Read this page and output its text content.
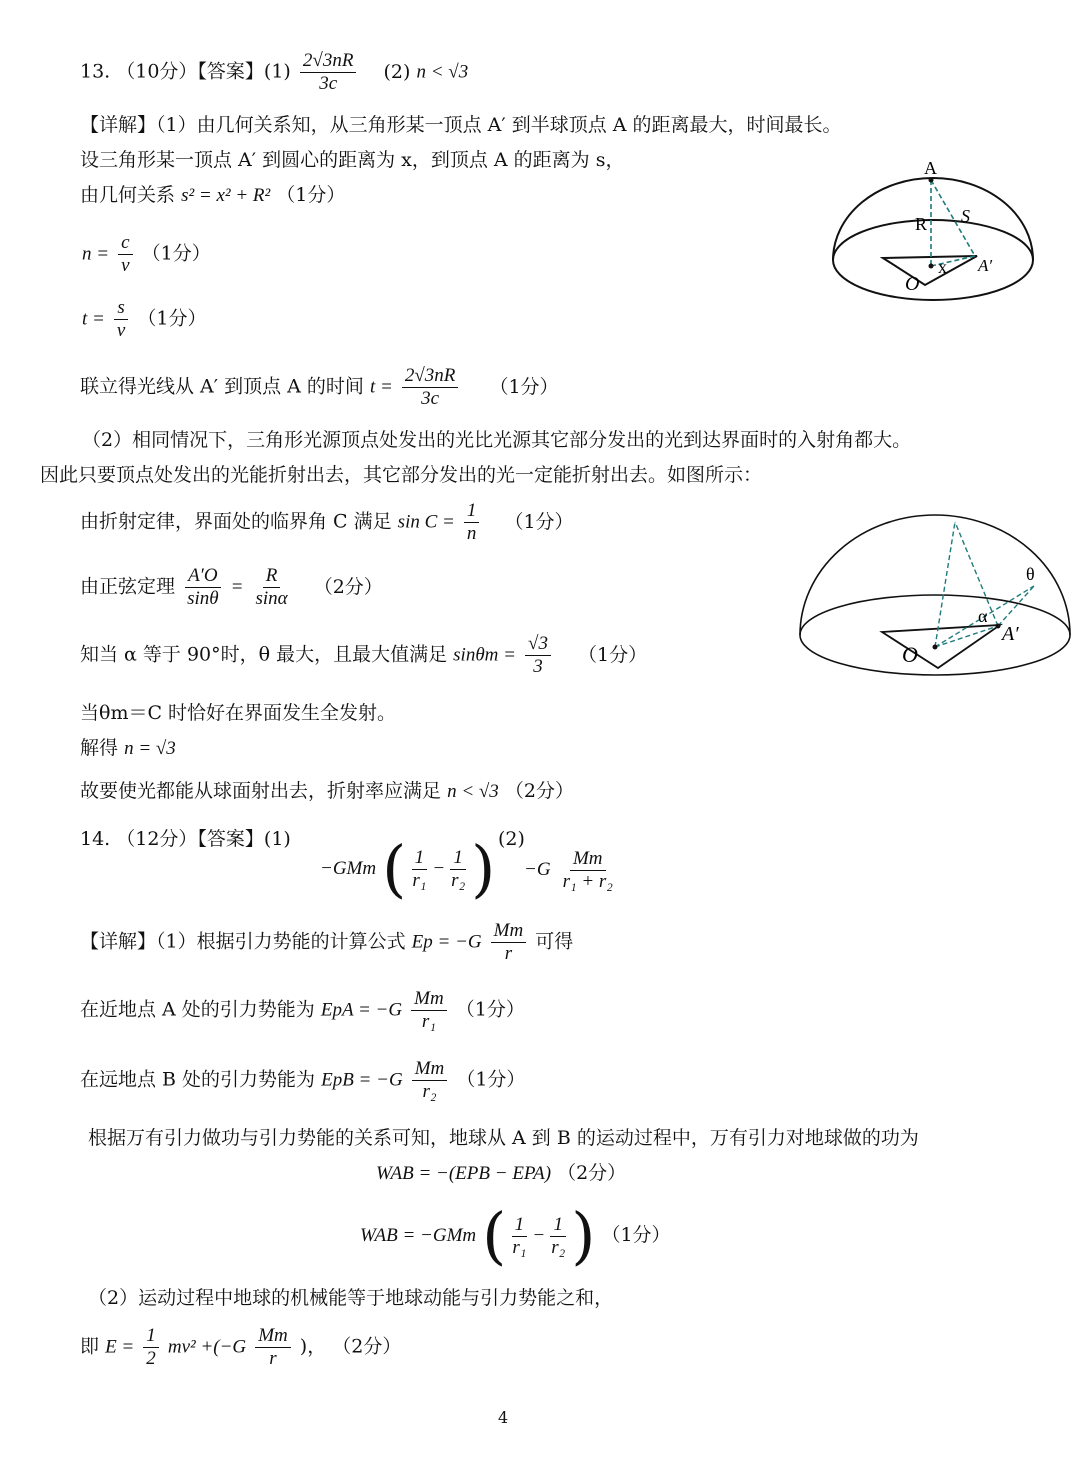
13. （10分）【答案】$(1) \frac{2√3nR}{3c} (2) n < √3$
【详解】（1）由几何关系知，从三角形某一顶点 A′ 到半球顶点 A 的距离最大，时间最长。
设三角形某一顶点 A′ 到圆心的距离为 x，到顶点 A 的距离为 s，
由几何关系 s² = x² + R² （1分）
$n = \frac{c}{v} (1$分）
$t = \frac{s}{v} (1$分）
联立得光线从 A′ 到顶点 A 的时间 $t = \frac{2√3nR}{3c} (1$分）
（2）相同情况下，三角形光源顶点处发出的光比光源其它部分发出的光到达界面时的入射角都大。
因此只要顶点处发出的光能折射出去，其它部分发出的光一定能折射出去。如图所示：
由折射定律，界面处的临界角 C 满足 $\sin C = \frac{1}{n} (1$分）
由正弦定理 $\frac{A'O}{\sin\theta} = \frac{R}{\sin\alpha} (2$分）
知当 α 等于 90°时，θ 最大，且最大值满足 $\sin\theta m = \frac{√3}{3} (1$分）
当θm＝C 时恰好在界面发生全发射。
解得 n = √3
故要使光都能从球面射出去，折射率应满足 n < √3 （2分）
14. （12分）【答案】(1)
−GMm ( $\frac{1}{\text{r₁}} - \frac{1}{\text{r₂}}$ ) (2)
$-G \frac{Mm}{\text{r₁ + r₂}}$
【详解】（1）根据引力势能的计算公式 $Ep = -G \frac{Mm}{r}$ 可得
在近地点 A 处的引力势能为 EpA = $-G \frac{Mm}{\text{r₁}} (1$分）
在远地点 B 处的引力势能为 EpB = $-G \frac{Mm}{\text{r₂}} (1$分）
根据万有引力做功与引力势能的关系可知，地球从 A 到 B 的运动过程中，万有引力对地球做的功为
WAB = −(EPB − EPA) （2分）
WAB = −GMm ( $\frac{1}{\text{r₁}} - \frac{1}{\text{r₂}}$ ) （1分）
（2）运动过程中地球的机械能等于地球动能与引力势能之和，
即 $E = \frac{1}{2} mv^2 +(-G \frac{Mm}{r}$ )， （2分）
4
A
R S
x
O
A′
θ
α
A′
O
